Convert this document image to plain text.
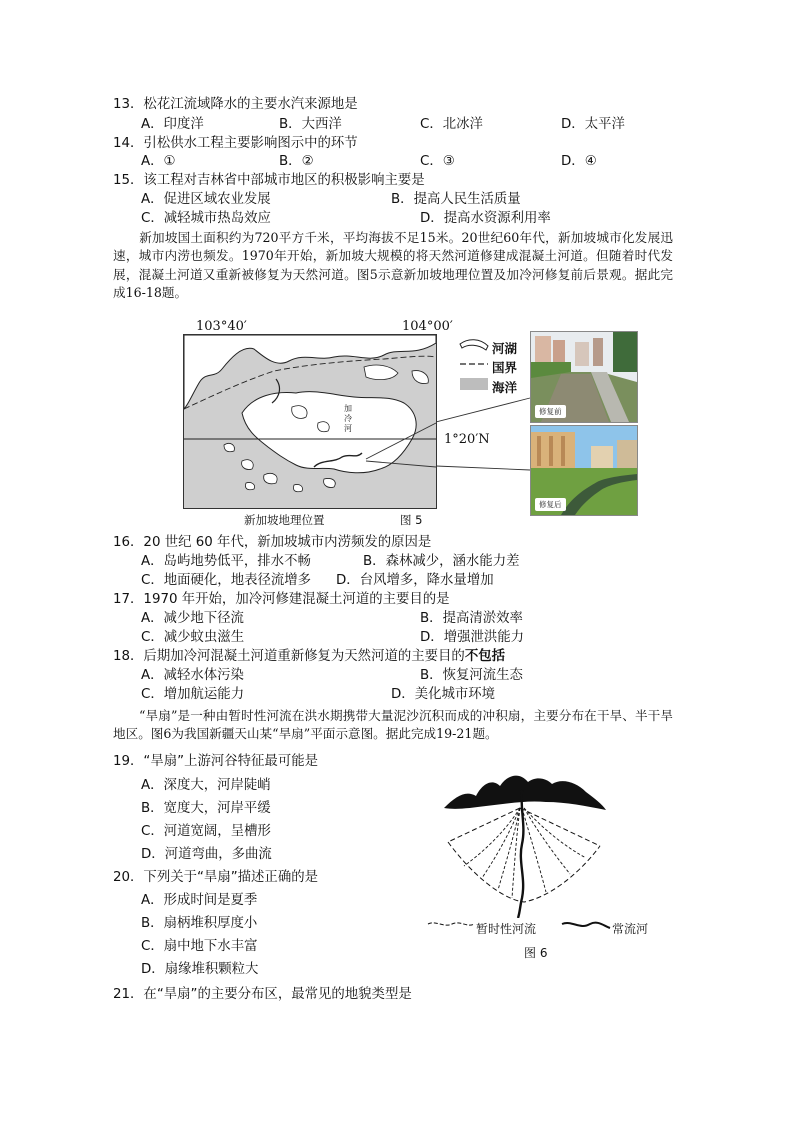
13．松花江流域降水的主要水汽来源地是
A．印度洋	B．大西洋	C．北冰洋	D．太平洋
14．引松供水工程主要影响图示中的环节
A．①	B．②	C．③	D．④
15．该工程对吉林省中部城市地区的积极影响主要是
A．促进区域农业发展	B．提高人民生活质量
C．减轻城市热岛效应	D．提高水资源利用率
新加坡国土面积约为720平方千米，平均海拔不足15米。20世纪60年代，新加坡城市化发展迅速，城市内涝也频发。1970年开始，新加坡大规模的将天然河道修建成混凝土河道。但随着时代发展，混凝土河道又重新被修复为天然河道。图5示意新加坡地理位置及加冷河修复前后景观。据此完成16-18题。
103°40′	104°00′
加
冷
河
1°20′N
河湖
国界
海洋
修复前
修复后
新加坡地理位置	图 5
16．20 世纪 60 年代，新加坡城市内涝频发的原因是
A．岛屿地势低平，排水不畅	B．森林减少，涵水能力差
C．地面硬化，地表径流增多 D．台风增多，降水量增加
17．1970 年开始，加冷河修建混凝土河道的主要目的是
A．减少地下径流	B．提高清淤效率
C．减少蚊虫滋生	D．增强泄洪能力
18．后期加冷河混凝土河道重新修复为天然河道的主要目的不包括
A．减轻水体污染	B．恢复河流生态
C．增加航运能力	D．美化城市环境
“旱扇”是一种由暂时性河流在洪水期携带大量泥沙沉积而成的冲积扇，主要分布在干旱、半干旱地区。图6为我国新疆天山某“旱扇”平面示意图。据此完成19-21题。
19．“旱扇”上游河谷特征最可能是
A．深度大，河岸陡峭
B．宽度大，河岸平缓
C．河道宽阔，呈槽形
D．河道弯曲，多曲流
20．下列关于“旱扇”描述正确的是
A．形成时间是夏季
B．扇柄堆积厚度小
C．扇中地下水丰富
D．扇缘堆积颗粒大
21．在“旱扇”的主要分布区，最常见的地貌类型是
暂时性河流	常流河
图 6
